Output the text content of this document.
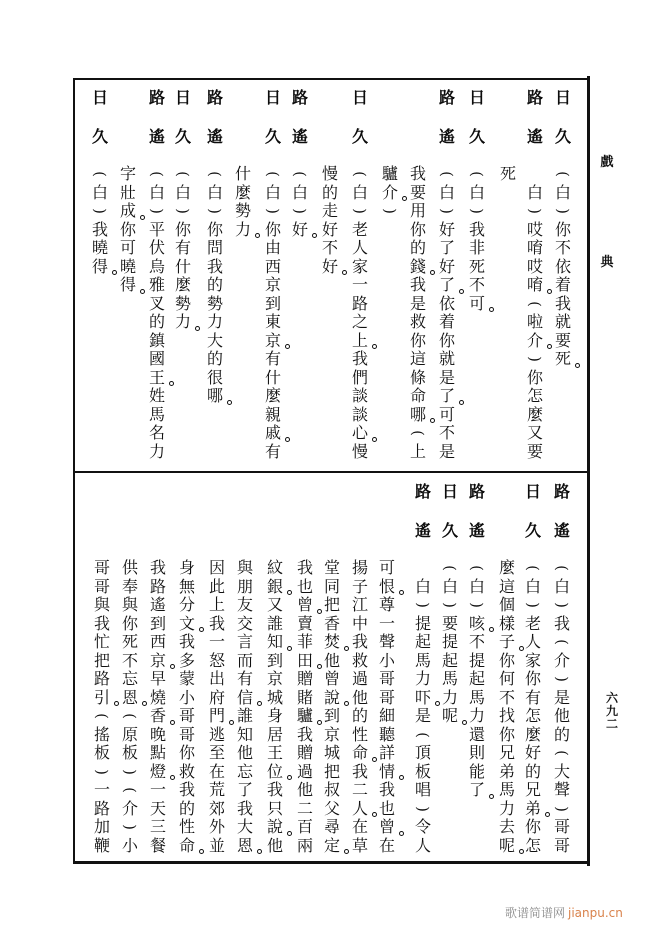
戲
典
六
九
二
日
久
(
白
)
你
不
依
着
我
就
要
死
路
遙

白
)
哎
唷
哎
唷
(
啦
介
)
你
怎
麼
又
要
死
日
久
(
白
)
我
非
死
不
可
路
遙
(
白
)
好
了
好
了
依
着
你
就
是
了
可
不
是
我
要
用
你
的
錢
我
是
救
你
這
條
命
哪
(
上
驢
介
)
日
久
(
白
)
老
人
家
一
路
之
上
我
們
談
談
心
慢
慢
的
走
好
不
好
路
遙
(
白
)
好
日
久
(
白
)
你
由
西
京
到
東
京
有
什
麼
親
戚
有
什
麼
勢
力
路
遙
(
白
)
你
問
我
的
勢
力
大
的
很
哪
日
久
(
白
)
你
有
什
麼
勢
力
路
遙
(
白
)
平
伏
烏
雅
叉
的
鎮
國
王
姓
馬
名
力
字
壯
成
你
可
曉
得
日
久
(
白
)
我
曉
得
路
遙
(
白
)
我
(
介
)
是
他
的
(
大
聲
)
哥
哥
日
久
(
白
)
老
人
家
你
有
怎
麼
好
的
兄
弟
你
怎
麼
這
個
樣
子
你
何
不
找
你
兄
弟
馬
力
去
呢
路
遙
(
白
)
咳
不
提
起
馬
力
還
則
能
了
日
久
(
白
)
要
提
起
馬
力
呢
路
遙

白
)
提
起
馬
力
吓
是
(
頂
板
唱
)
令
人
可
恨
尊
一
聲
小
哥
哥
細
聽
詳
情
我
也
曾
在
揚
子
江
中
我
救
過
他
的
性
命
我
二
人
在
草
堂
同
把
香
焚
他
曾
說
到
京
城
把
叔
父
尋
定
我
也
曾
賣
菲
田
贈
賭
驢
我
贈
過
他
二
百
兩
紋
銀
又
誰
知
到
京
城
身
居
王
位
我
只
說
他
與
朋
友
交
言
而
有
信
誰
知
他
忘
了
我
大
恩
因
此
上
我
一
怒
出
府
門
逃
至
在
荒
郊
外
並
身
無
分
文
我
多
蒙
小
哥
哥
你
救
我
的
性
命
我
路
遙
到
西
京
早
燒
香
晚
點
燈
一
天
三
餐
供
奉
與
你
死
不
忘
恩
(
原
板
)
(
介
)
小
哥
哥
與
我
忙
把
路
引
(
搖
板
)
一
路
加
鞭
歌谱简谱网 jianpu.cn
